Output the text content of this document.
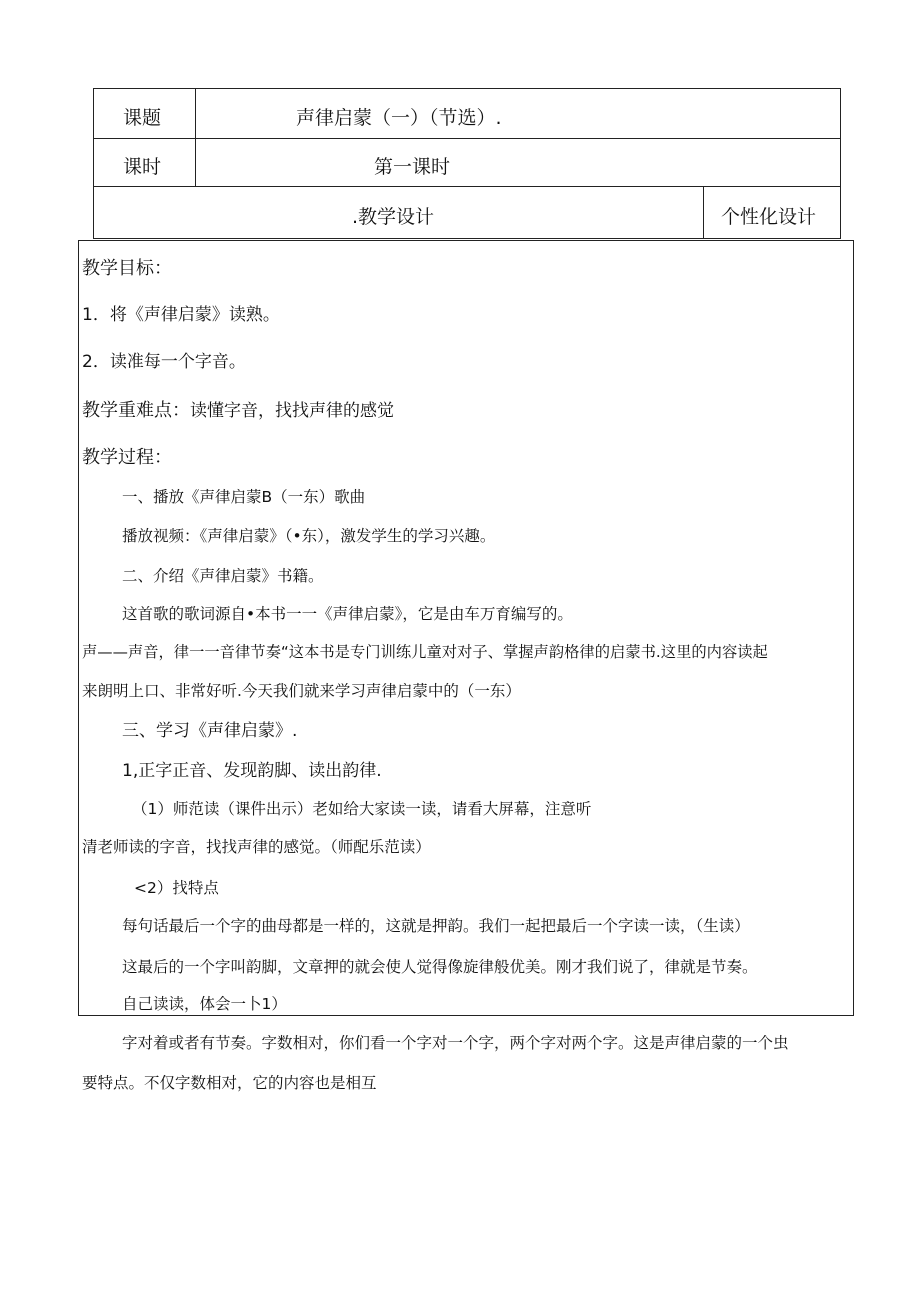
课题	声律启蒙（一）（节选）.
课时	第一课时
.教学设计	个性化设计
教学目标：
1．将《声律启蒙》读熟。
2．读准每一个字音。
教学重难点：读懂字音，找找声律的感觉
教学过程：
一、播放《声律启蒙B（一东）歌曲
播放视频：《声律启蒙》（•东），激发学生的学习兴趣。
二、介绍《声律启蒙》书籍。
这首歌的歌词源自•本书一一《声律启蒙》，它是由车万育编写的。
声——声音，律一一音律节奏“这本书是专门训练儿童对对子、掌握声韵格律的启蒙书.这里的内容读起
来朗明上口、非常好听.今天我们就来学习声律启蒙中的（一东）
三、学习《声律启蒙》.
1,正字正音、发现韵脚、读出韵律.
（1）师范读（课件出示）老如给大家读一读，请看大屏幕，注意听
清老师读的字音，找找声律的感觉。（师配乐范读）
<2）找特点
每句话最后一个字的曲母都是一样的，这就是押韵。我们一起把最后一个字读一读，（生读）
这最后的一个字叫韵脚，文章押的就会使人觉得像旋律般优美。刚才我们说了，律就是节奏。
自己读读，体会一卜1）
字对着或者有节奏。字数相对，你们看一个字对一个字，两个字对两个字。这是声律启蒙的一个虫
要特点。不仅字数相对，它的内容也是相互
